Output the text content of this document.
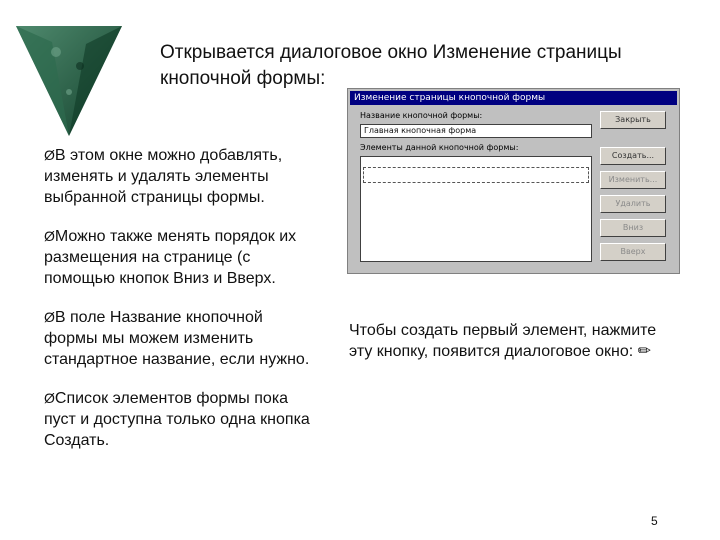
Открывается диалоговое окно Изменение страницы кнопочной формы:
ØВ этом окне можно добавлять, изменять и удалять элементы выбранной страницы формы.
ØМожно также менять порядок их размещения на странице (с помощью кнопок Вниз и Вверх.
ØВ поле Название кнопочной формы мы можем изменить стандартное название, если нужно.
ØСписок элементов формы пока пуст и доступна только одна кнопка Создать.
Изменение страницы кнопочной формы
Название кнопочной формы:
Главная кнопочная форма
Элементы данной кнопочной формы:
Закрыть
Создать...
Изменить...
Удалить
Вниз
Вверх
Чтобы создать первый элемент, нажмите эту кнопку, появится диалоговое окно: ✏
5
